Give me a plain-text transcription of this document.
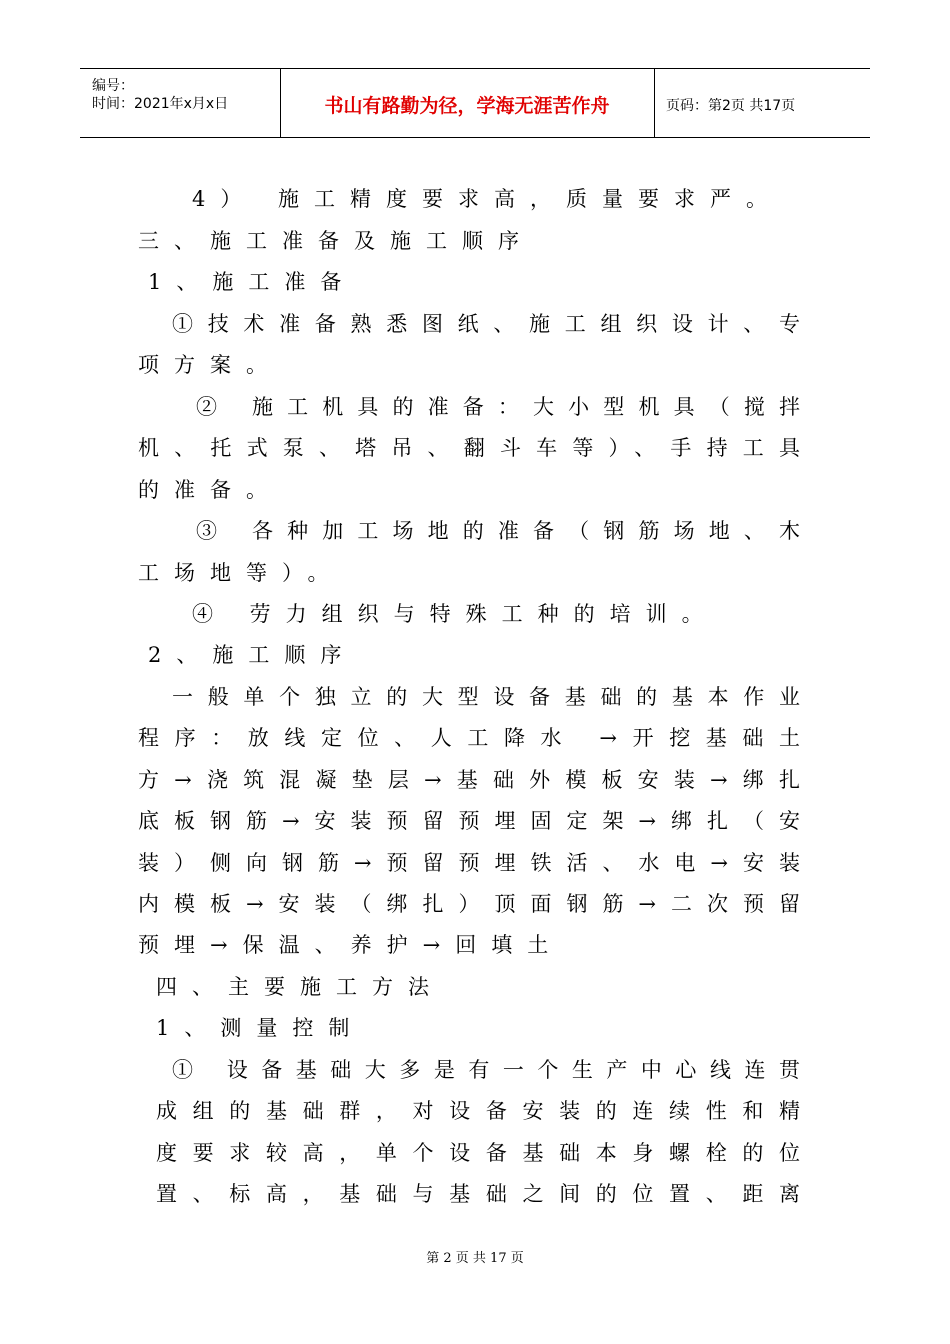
编号：
时间：2021年x月x日	书山有路勤为径，学海无涯苦作舟	页码：第2页 共17页
4） 施工精度要求高，质量要求严。
三、施工准备及施工顺序
1、施工准备
①技术准备熟悉图纸、施工组织设计、专
项方案。
② 施工机具的准备：大小型机具（搅拌
机、托式泵、塔吊、翻斗车等）、手持工具
的准备。
③ 各种加工场地的准备（钢筋场地、木
工场地等）。
④ 劳力组织与特殊工种的培训。
2、施工顺序
一般单个独立的大型设备基础的基本作业
程序：放线定位、人工降水 →开挖基础土
方→浇筑混凝垫层→基础外模板安装→绑扎
底板钢筋→安装预留预埋固定架→绑扎（安
装）侧向钢筋→预留预埋铁活、水电→安装
内模板→安装（绑扎）顶面钢筋→二次预留
预埋→保温、养护→回填土
四、主要施工方法
1、测量控制
① 设备基础大多是有一个生产中心线连贯
成组的基础群，对设备安装的连续性和精
度要求较高，单个设备基础本身螺栓的位
置、标高，基础与基础之间的位置、距离
第 2 页 共 17 页
